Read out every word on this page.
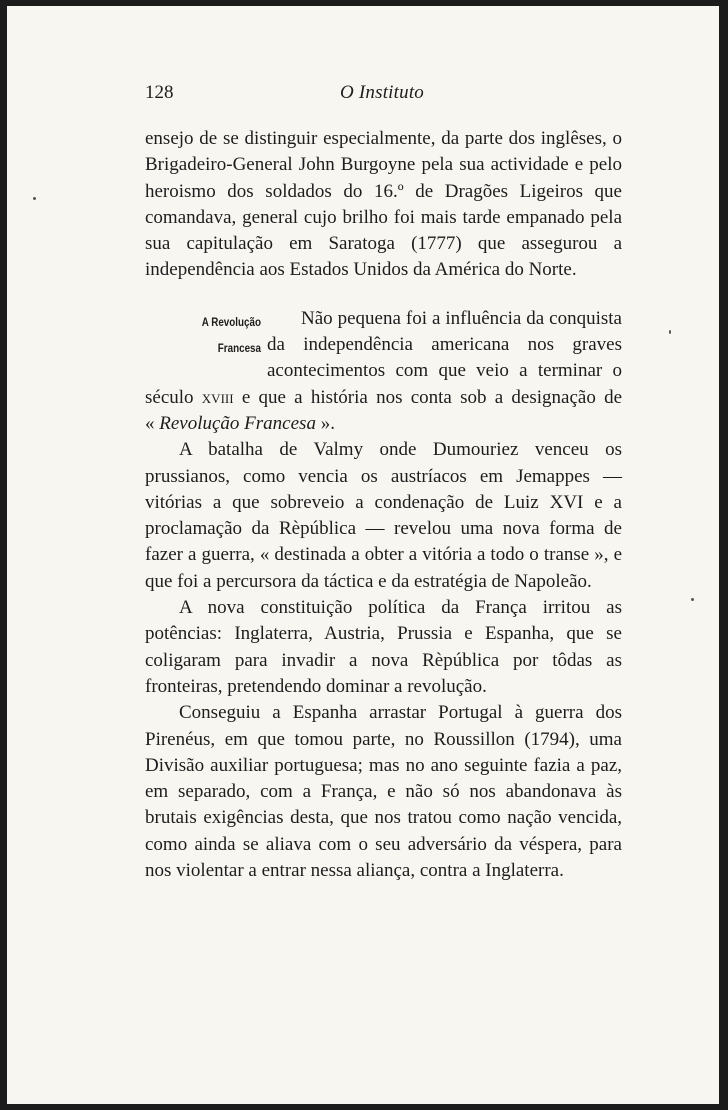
128	O Instituto

ensejo de se distinguir especialmente, da parte dos inglêses, o Brigadeiro-General John Burgoyne pela sua actividade e pelo heroismo dos soldados do 16.º de Dragões Ligeiros que comandava, general cujo brilho foi mais tarde empanado pela sua capitulação em Saratoga (1777) que assegurou a independência aos Estados Unidos da América do Norte.

A Revolução
Francesa

Não pequena foi a influência da conquista da independência americana nos graves acontecimentos com que veio a terminar o século xviii e que a história nos conta sob a designação de « Revolução Francesa ».

A batalha de Valmy onde Dumouriez venceu os prussianos, como vencia os austríacos em Jemappes — vitórias a que sobreveio a condenação de Luiz XVI e a proclamação da Rèpública — revelou uma nova forma de fazer a guerra, « destinada a obter a vitória a todo o transe », e que foi a percursora da táctica e da estratégia de Napoleão.

A nova constituição política da França irritou as potências: Inglaterra, Austria, Prussia e Espanha, que se coligaram para invadir a nova Rèpública por tôdas as fronteiras, pretendendo dominar a revolução.

Conseguiu a Espanha arrastar Portugal à guerra dos Pirenéus, em que tomou parte, no Roussillon (1794), uma Divisão auxiliar portuguesa; mas no ano seguinte fazia a paz, em separado, com a França, e não só nos abandonava às brutais exigências desta, que nos tratou como nação vencida, como ainda se aliava com o seu adversário da véspera, para nos violentar a entrar nessa aliança, contra a Inglaterra.
